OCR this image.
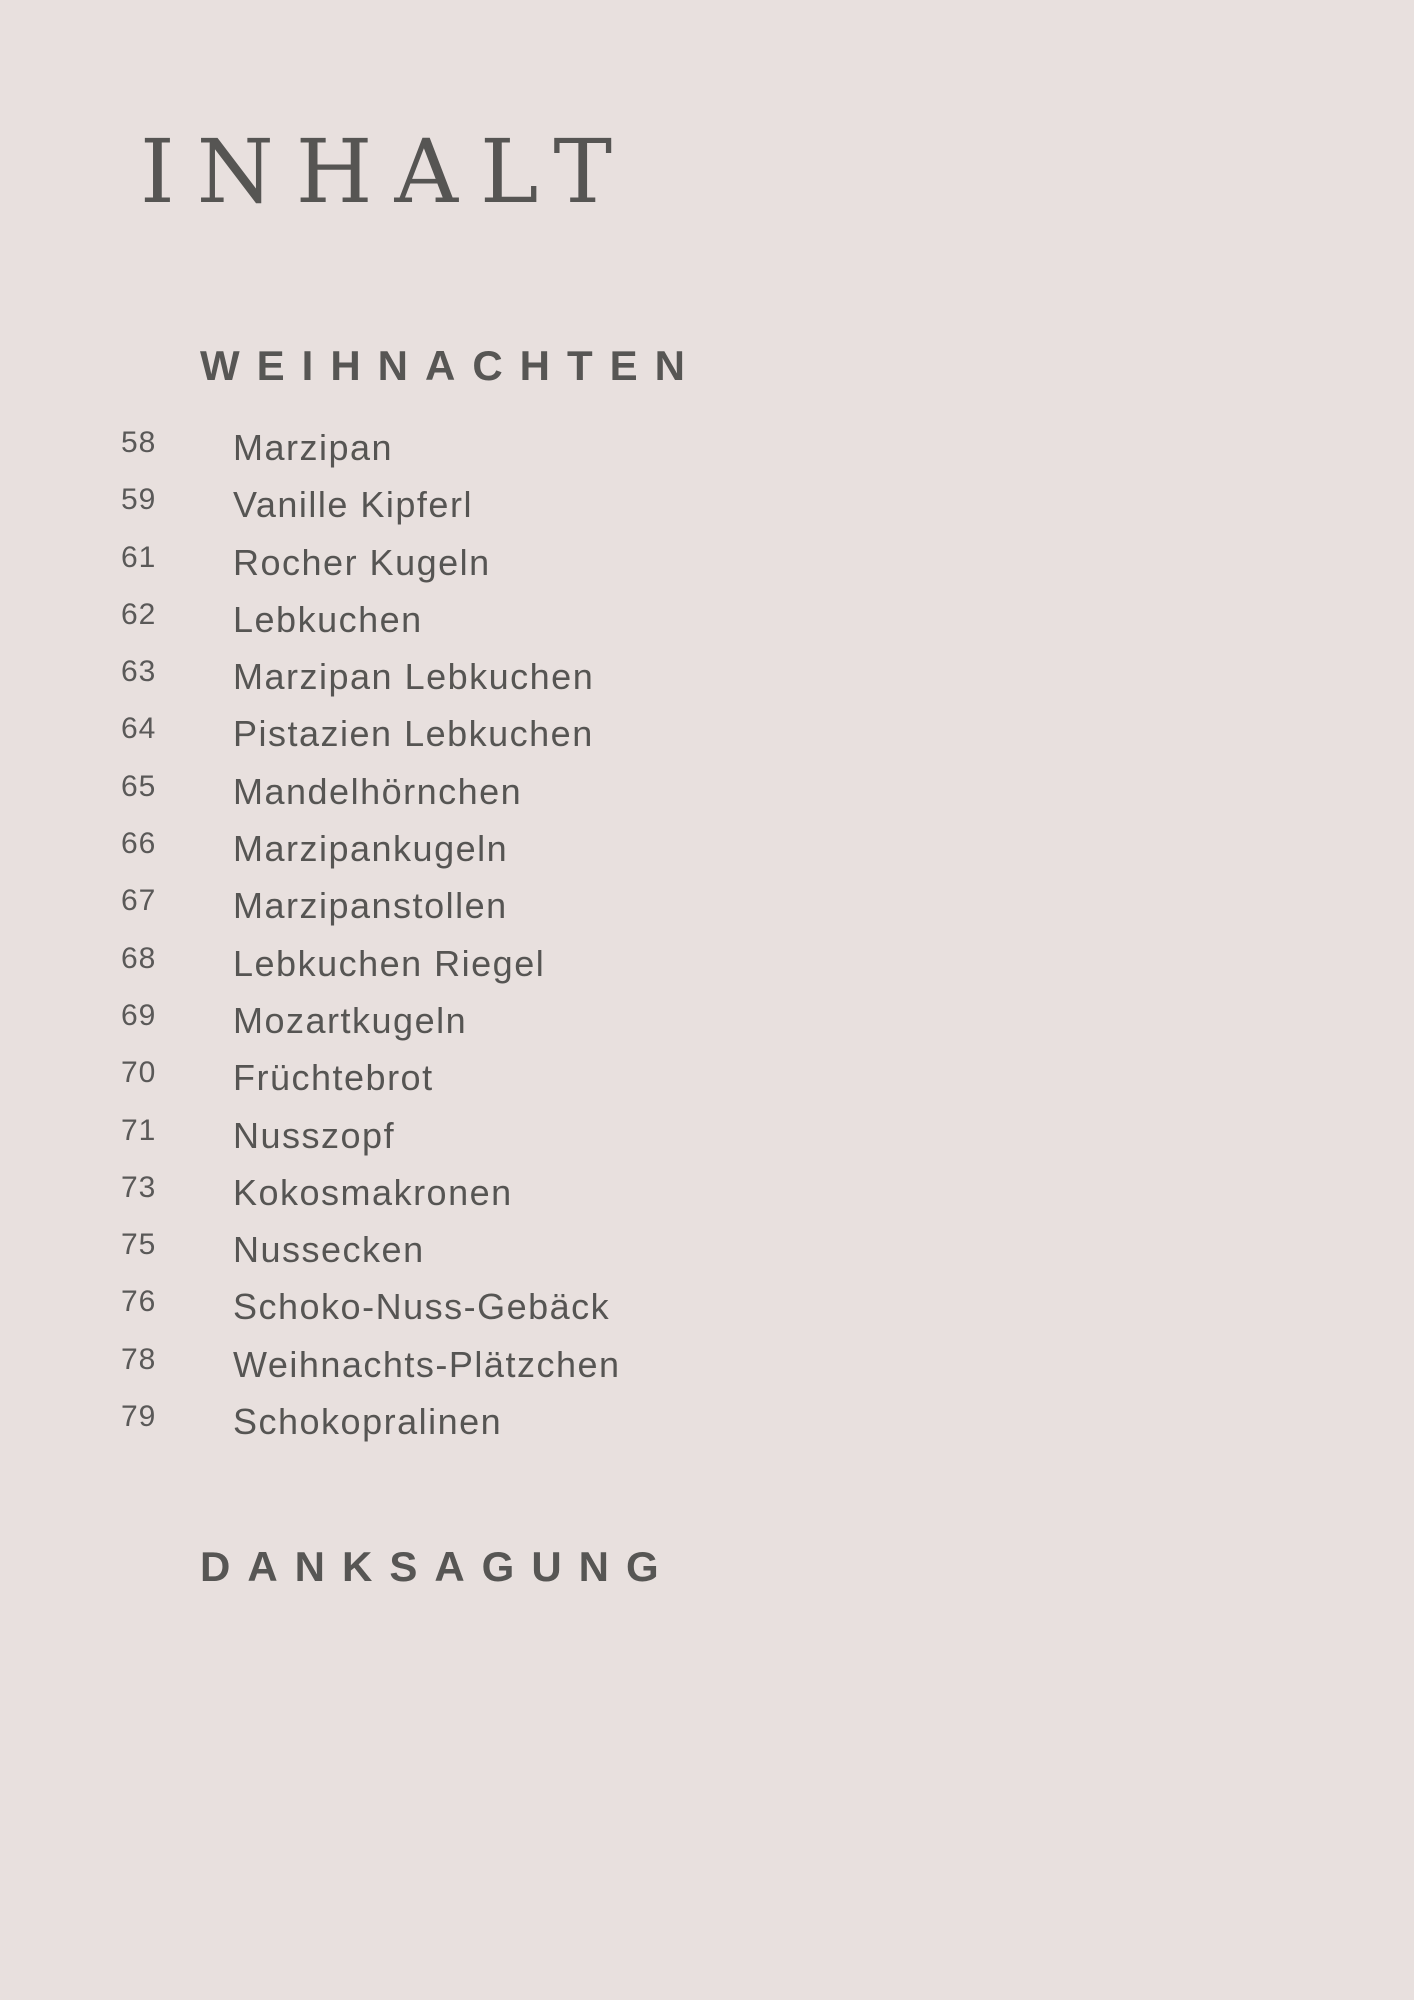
INHALT
WEIHNACHTEN
58 Marzipan
59 Vanille Kipferl
61 Rocher Kugeln
62 Lebkuchen
63 Marzipan Lebkuchen
64 Pistazien Lebkuchen
65 Mandelhörnchen
66 Marzipankugeln
67 Marzipanstollen
68 Lebkuchen Riegel
69 Mozartkugeln
70 Früchtebrot
71 Nusszopf
73 Kokosmakronen
75 Nussecken
76 Schoko-Nuss-Gebäck
78 Weihnachts-Plätzchen
79 Schokopralinen
DANKSAGUNG
